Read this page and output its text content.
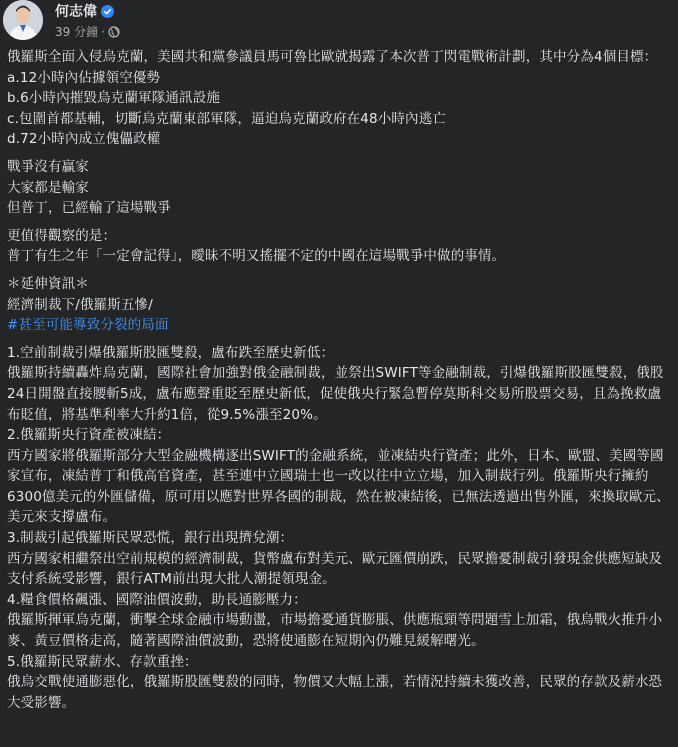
何志偉
39 分鐘 ·
俄羅斯全面入侵烏克蘭，美國共和黨參議員馬可魯比歐就揭露了本次普丁閃電戰術計劃，其中分為4個目標：
a.12小時內佔據領空優勢
b.6小時內摧毀烏克蘭軍隊通訊設施
c.包圍首都基輔，切斷烏克蘭東部軍隊，逼迫烏克蘭政府在48小時內逃亡
d.72小時內成立傀儡政權
戰爭沒有贏家
大家都是輸家
但普丁，已經輸了這場戰爭
更值得觀察的是：
普丁有生之年「一定會記得」，曖昧不明又搖擺不定的中國在這場戰爭中做的事情。
＊延伸資訊＊
經濟制裁下/俄羅斯五慘/
#甚至可能導致分裂的局面
1.空前制裁引爆俄羅斯股匯雙殺，盧布跌至歷史新低：
俄羅斯持續轟炸烏克蘭，國際社會加強對俄金融制裁，並祭出SWIFT等金融制裁，引爆俄羅斯股匯雙殺，俄股24日開盤直接腰斬5成，盧布應聲重貶至歷史新低，促使俄央行緊急暫停莫斯科交易所股票交易，且為挽救盧布貶值，將基準利率大升約1倍，從9.5%漲至20%。
2.俄羅斯央行資產被凍結：
西方國家將俄羅斯部分大型金融機構逐出SWIFT的金融系統，並凍結央行資產；此外，日本、歐盟、美國等國家宣布，凍結普丁和俄高官資產，甚至連中立國瑞士也一改以往中立立場，加入制裁行列。俄羅斯央行擁約6300億美元的外匯儲備，原可用以應對世界各國的制裁，然在被凍結後，已無法透過出售外匯，來換取歐元、美元來支撐盧布。
3.制裁引起俄羅斯民眾恐慌，銀行出現擠兌潮：
西方國家相繼祭出空前規模的經濟制裁，貨幣盧布對美元、歐元匯價崩跌，民眾擔憂制裁引發現金供應短缺及支付系統受影響，銀行ATM前出現大批人潮提領現金。
4.糧食價格飆漲、國際油價波動，助長通膨壓力：
俄羅斯揮軍烏克蘭，衝擊全球金融市場動盪，市場擔憂通貨膨脹、供應瓶頸等問題雪上加霜，俄烏戰火推升小麥、黃豆價格走高，隨著國際油價波動，恐將使通膨在短期內仍難見緩解曙光。
5.俄羅斯民眾薪水、存款重挫：
俄烏交戰使通膨惡化，俄羅斯股匯雙殺的同時，物價又大幅上漲，若情況持續未獲改善，民眾的存款及薪水恐大受影響。
